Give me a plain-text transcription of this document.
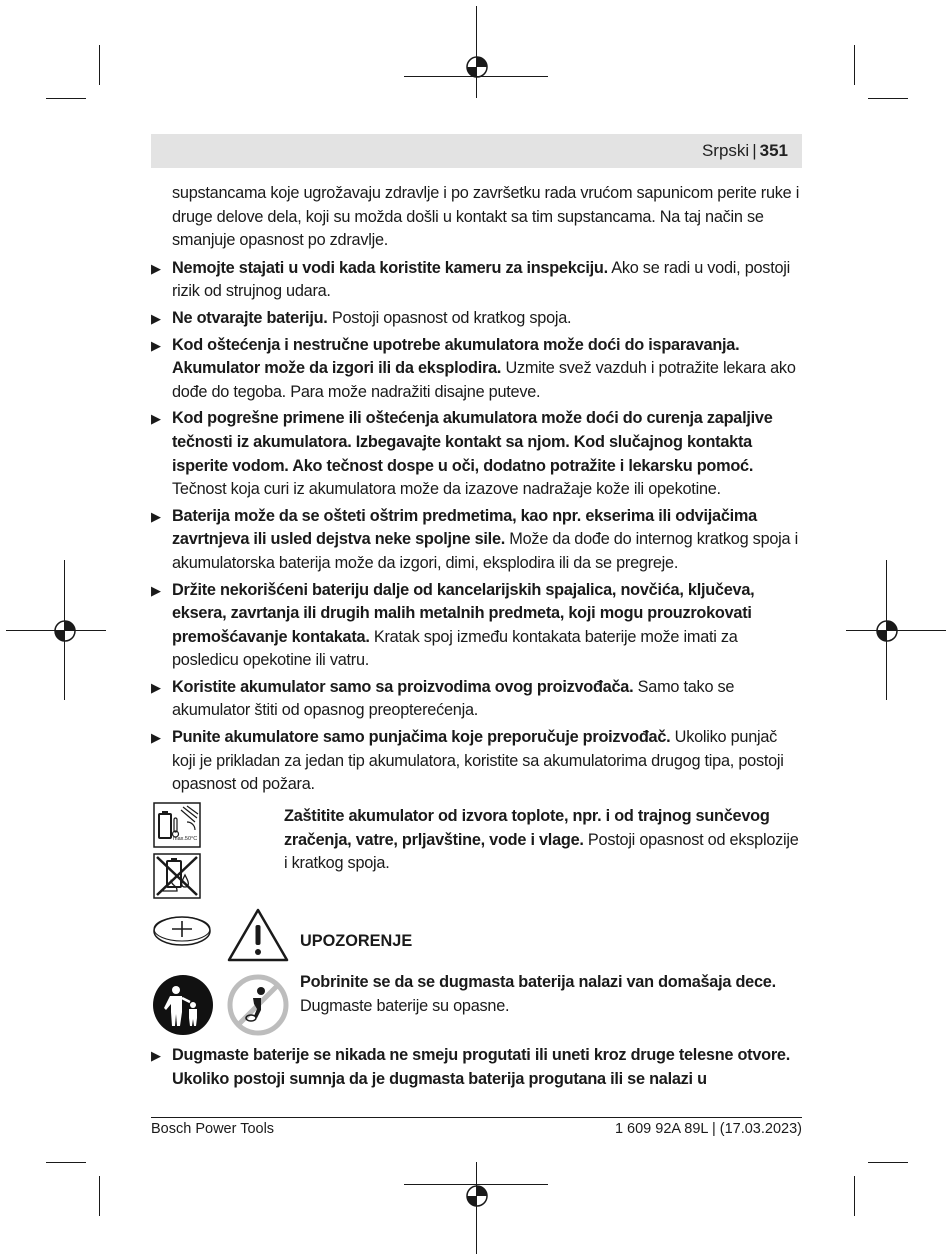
Srpski | 351
supstancama koje ugrožavaju zdravlje i po završetku rada vrućom sapunicom perite ruke i druge delove dela, koji su možda došli u kontakt sa tim supstancama. Na taj način se smanjuje opasnost po zdravlje.
▶ Nemojte stajati u vodi kada koristite kameru za inspekciju. Ako se radi u vodi, postoji rizik od strujnog udara.
▶ Ne otvarajte bateriju. Postoji opasnost od kratkog spoja.
▶ Kod oštećenja i nestručne upotrebe akumulatora može doći do isparavanja. Akumulator može da izgori ili da eksplodira. Uzmite svež vazduh i potražite lekara ako dođe do tegoba. Para može nadražiti disajne puteve.
▶ Kod pogrešne primene ili oštećenja akumulatora može doći do curenja zapaljive tečnosti iz akumulatora. Izbegavajte kontakt sa njom. Kod slučajnog kontakta isperite vodom. Ako tečnost dospe u oči, dodatno potražite i lekarsku pomoć. Tečnost koja curi iz akumulatora može da izazove nadražaje kože ili opekotine.
▶ Baterija može da se ošteti oštrim predmetima, kao npr. ekserima ili odvijačima zavrtnjeva ili usled dejstva neke spoljne sile. Može da dođe do internog kratkog spoja i akumulatorska baterija može da izgori, dimi, eksplodira ili da se pregreje.
▶ Držite nekorišćeni bateriju dalje od kancelarijskih spajalica, novčića, ključeva, eksera, zavrtanja ili drugih malih metalnih predmeta, koji mogu prouzrokovati premošćavanje kontakata. Kratak spoj između kontakata baterije može imati za posledicu opekotine ili vatru.
▶ Koristite akumulator samo sa proizvodima ovog proizvođača. Samo tako se akumulator štiti od opasnog preopterećenja.
▶ Punite akumulatore samo punjačima koje preporučuje proizvođač. Ukoliko punjač koji je prikladan za jedan tip akumulatora, koristite sa akumulatorima drugog tipa, postoji opasnost od požara.
max.50°C
Zaštitite akumulator od izvora toplote, npr. i od trajnog sunčevog zračenja, vatre, prljavštine, vode i vlage. Postoji opasnost od eksplozije i kratkog spoja.
UPOZORENJE
Pobrinite se da se dugmasta baterija nalazi van domašaja dece. Dugmaste baterije su opasne.
▶ Dugmaste baterije se nikada ne smeju progutati ili uneti kroz druge telesne otvore. Ukoliko postoji sumnja da je dugmasta baterija progutana ili se nalazi u
Bosch Power Tools	1 609 92A 89L | (17.03.2023)
